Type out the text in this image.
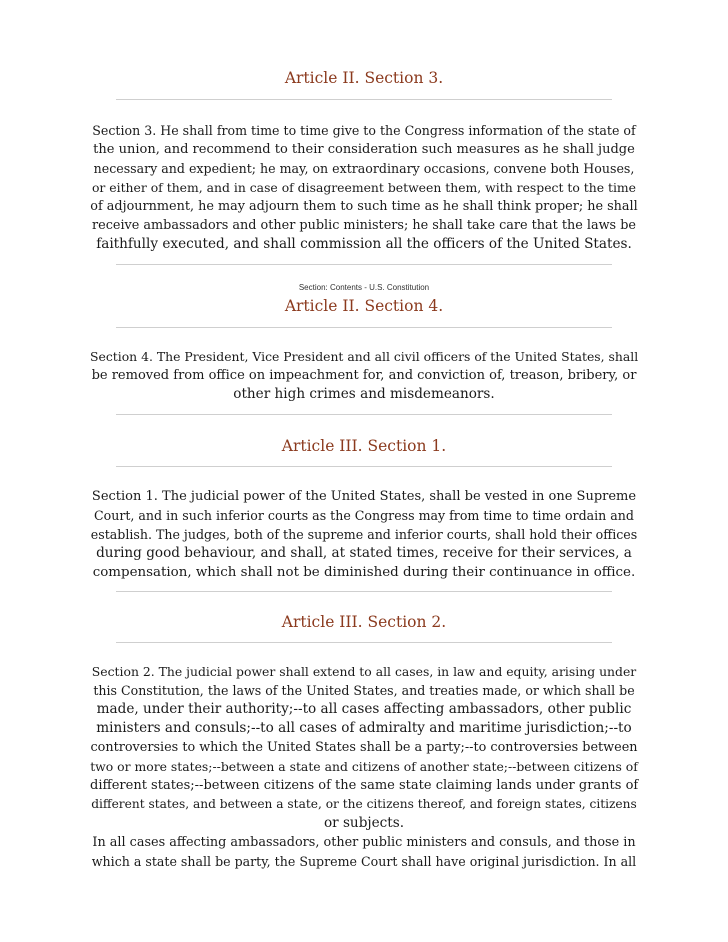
Article II. Section 3.

Section 3. He shall from time to time give to the Congress information of the state of

the union, and recommend to their consideration such measures as he shall judge

necessary and expedient; he may, on extraordinary occasions, convene both Houses,

or either of them, and in case of disagreement between them, with respect to the time

of adjournment, he may adjourn them to such time as he shall think proper; he shall

receive ambassadors and other public ministers; he shall take care that the laws be

faithfully executed, and shall commission all the officers of the United States.

Section: Contents - U.S. Constitution

Article II. Section 4.

Section 4. The President, Vice President and all civil officers of the United States, shall

be removed from office on impeachment for, and conviction of, treason, bribery, or

other high crimes and misdemeanors.

Article III. Section 1.

Section 1. The judicial power of the United States, shall be vested in one Supreme

Court, and in such inferior courts as the Congress may from time to time ordain and

establish. The judges, both of the supreme and inferior courts, shall hold their offices

during good behaviour, and shall, at stated times, receive for their services, a

compensation, which shall not be diminished during their continuance in office.

Article III. Section 2.

Section 2. The judicial power shall extend to all cases, in law and equity, arising under

this Constitution, the laws of the United States, and treaties made, or which shall be

made, under their authority;--to all cases affecting ambassadors, other public

ministers and consuls;--to all cases of admiralty and maritime jurisdiction;--to

controversies to which the United States shall be a party;--to controversies between

two or more states;--between a state and citizens of another state;--between citizens of

different states;--between citizens of the same state claiming lands under grants of

different states, and between a state, or the citizens thereof, and foreign states, citizens

or subjects.

In all cases affecting ambassadors, other public ministers and consuls, and those in

which a state shall be party, the Supreme Court shall have original jurisdiction. In all
